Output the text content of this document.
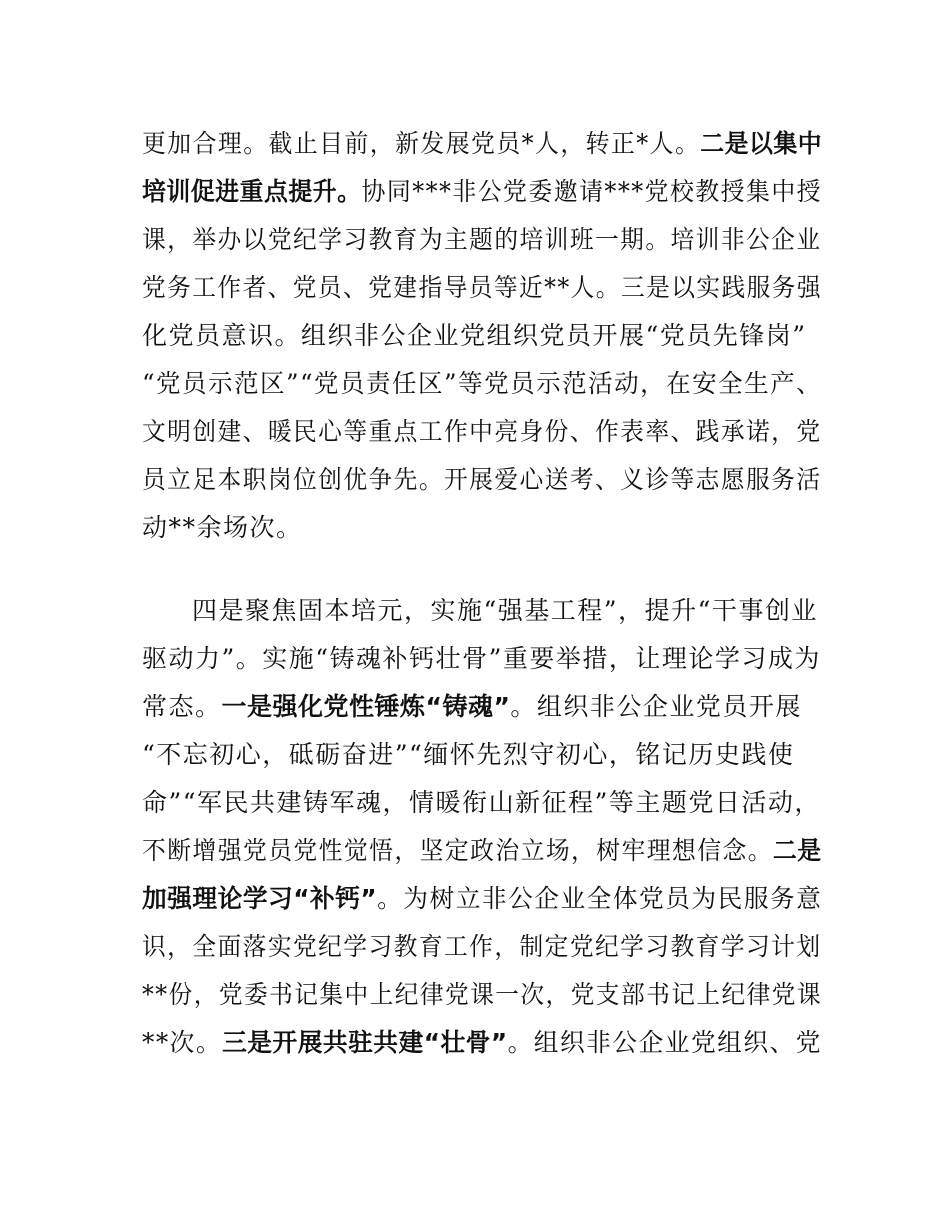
更加合理。截止目前，新发展党员*人，转正*人。二是以集中
培训促进重点提升。协同***非公党委邀请***党校教授集中授
课，举办以党纪学习教育为主题的培训班一期。培训非公企业
党务工作者、党员、党建指导员等近**人。三是以实践服务强
化党员意识。组织非公企业党组织党员开展“党员先锋岗”
“党员示范区”“党员责任区”等党员示范活动，在安全生产、
文明创建、暖民心等重点工作中亮身份、作表率、践承诺，党
员立足本职岗位创优争先。开展爱心送考、义诊等志愿服务活
动**余场次。
四是聚焦固本培元，实施“强基工程”，提升“干事创业
驱动力”。实施“铸魂补钙壮骨”重要举措，让理论学习成为
常态。一是强化党性锤炼“铸魂”。组织非公企业党员开展
“不忘初心，砥砺奋进”“缅怀先烈守初心，铭记历史践使
命”“军民共建铸军魂，情暖衔山新征程”等主题党日活动，
不断增强党员党性觉悟，坚定政治立场，树牢理想信念。二是
加强理论学习“补钙”。为树立非公企业全体党员为民服务意
识，全面落实党纪学习教育工作，制定党纪学习教育学习计划
**份，党委书记集中上纪律党课一次，党支部书记上纪律党课
**次。三是开展共驻共建“壮骨”。组织非公企业党组织、党
